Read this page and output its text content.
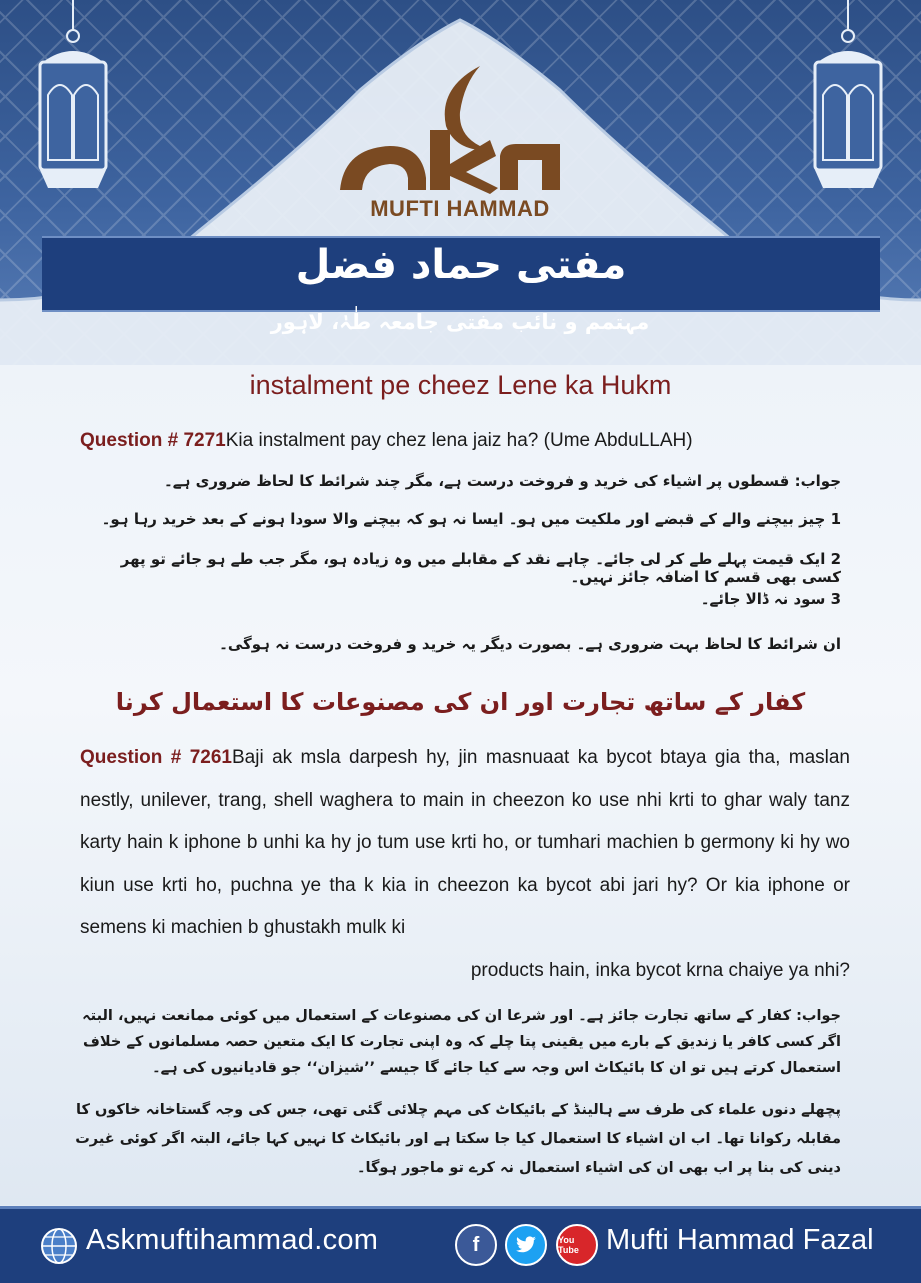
MUFTI HAMMAD
مفتی حماد فضل
مہتمم و نائب مفتی جامعہ طٰہٰ، لاہور
instalment pe cheez Lene ka Hukm
Question # 7271Kia instalment pay chez lena jaiz ha? (Ume AbduLLAH)
جواب: قسطوں پر اشیاء کی خرید و فروخت درست ہے، مگر چند شرائط کا لحاظ ضروری ہے۔
1 چیز بیچنے والے کے قبضے اور ملکیت میں ہو۔ ایسا نہ ہو کہ بیچنے والا سودا ہونے کے بعد خرید رہا ہو۔
2 ایک قیمت پہلے طے کر لی جائے۔ چاہے نقد کے مقابلے میں وہ زیادہ ہو، مگر جب طے ہو جائے تو پھر کسی بھی قسم کا اضافہ جائز نہیں۔
3 سود نہ ڈالا جائے۔
ان شرائط کا لحاظ بہت ضروری ہے۔ بصورت دیگر یہ خرید و فروخت درست نہ ہوگی۔
کفار کے ساتھ تجارت اور ان کی مصنوعات کا استعمال کرنا
Question # 7261Baji ak msla darpesh hy, jin masnuaat ka bycot btaya gia tha, maslan nestly, unilever, trang, shell waghera to main in cheezon ko use nhi krti to ghar waly tanz karty hain k iphone b unhi ka hy jo tum use krti ho, or tumhari machien b germony ki hy wo kiun use krti ho, puchna ye tha k kia in cheezon ka bycot abi jari hy? Or kia iphone or semens ki machien b ghustakh mulk ki
products hain, inka bycot krna chaiye ya nhi?
جواب: کفار کے ساتھ تجارت جائز ہے۔ اور شرعا ان کی مصنوعات کے استعمال میں کوئی ممانعت نہیں، البتہ اگر کسی کافر یا زندیق کے بارے میں یقینی پتا چلے کہ وہ اپنی تجارت کا ایک متعین حصہ مسلمانوں کے خلاف استعمال کرتے ہیں تو ان کا بائیکاٹ اس وجہ سے کیا جائے گا جیسے ’’شیزان‘‘ جو قادیانیوں کی ہے۔
پچھلے دنوں علماء کی طرف سے ہالینڈ کے بائیکاٹ کی مہم چلائی گئی تھی، جس کی وجہ گستاخانہ خاکوں کا مقابلہ رکوانا تھا۔ اب ان اشیاء کا استعمال کیا جا سکتا ہے اور بائیکاٹ کا نہیں کہا جائے، البتہ اگر کوئی غیرت دینی کی بنا پر اب بھی ان کی اشیاء استعمال نہ کرے تو ماجور ہوگا۔
Askmuftihammad.com	f	You Tube Mufti Hammad Fazal
